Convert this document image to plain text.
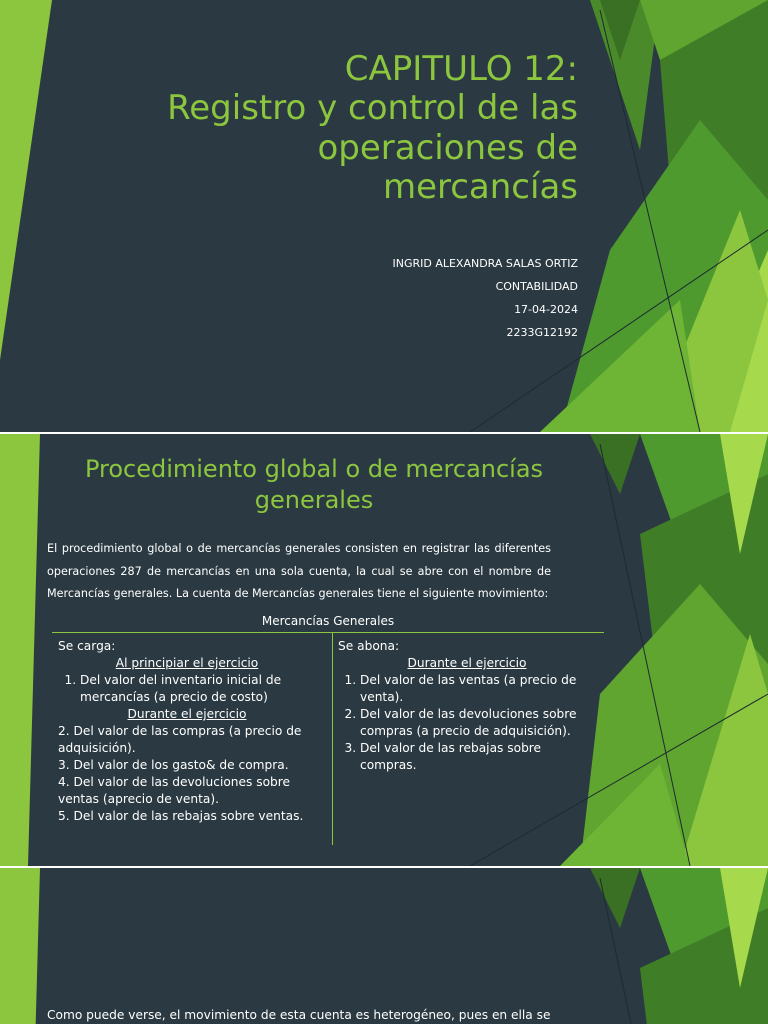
CAPITULO 12:
Registro y control de las
operaciones de
mercancías
INGRID ALEXANDRA SALAS ORTIZ
CONTABILIDAD
17-04-2024
2233G12192
Procedimiento global o de mercancías generales

El procedimiento global o de mercancías generales consisten en registrar las diferentes operaciones 287 de mercancías en una sola cuenta, la cual se abre con el nombre de Mercancías generales. La cuenta de Mercancías generales tiene el siguiente movimiento:

Mercancías Generales
Se carga:
Al principiar el ejercicio
1. Del valor del inventario inicial de mercancías (a precio de costo)
Durante el ejercicio
2. Del valor de las compras (a precio de adquisición).
3. Del valor de los gasto& de compra.
4. Del valor de las devoluciones sobre ventas (aprecio de venta).
5. Del valor de las rebajas sobre ventas.
Se abona:
Durante el ejercicio
1. Del valor de las ventas (a precio de venta).
2. Del valor de las devoluciones sobre compras (a precio de adquisición).
3. Del valor de las rebajas sobre compras.

Como puede verse, el movimiento de esta cuenta es heterogéneo, pues en ella se
